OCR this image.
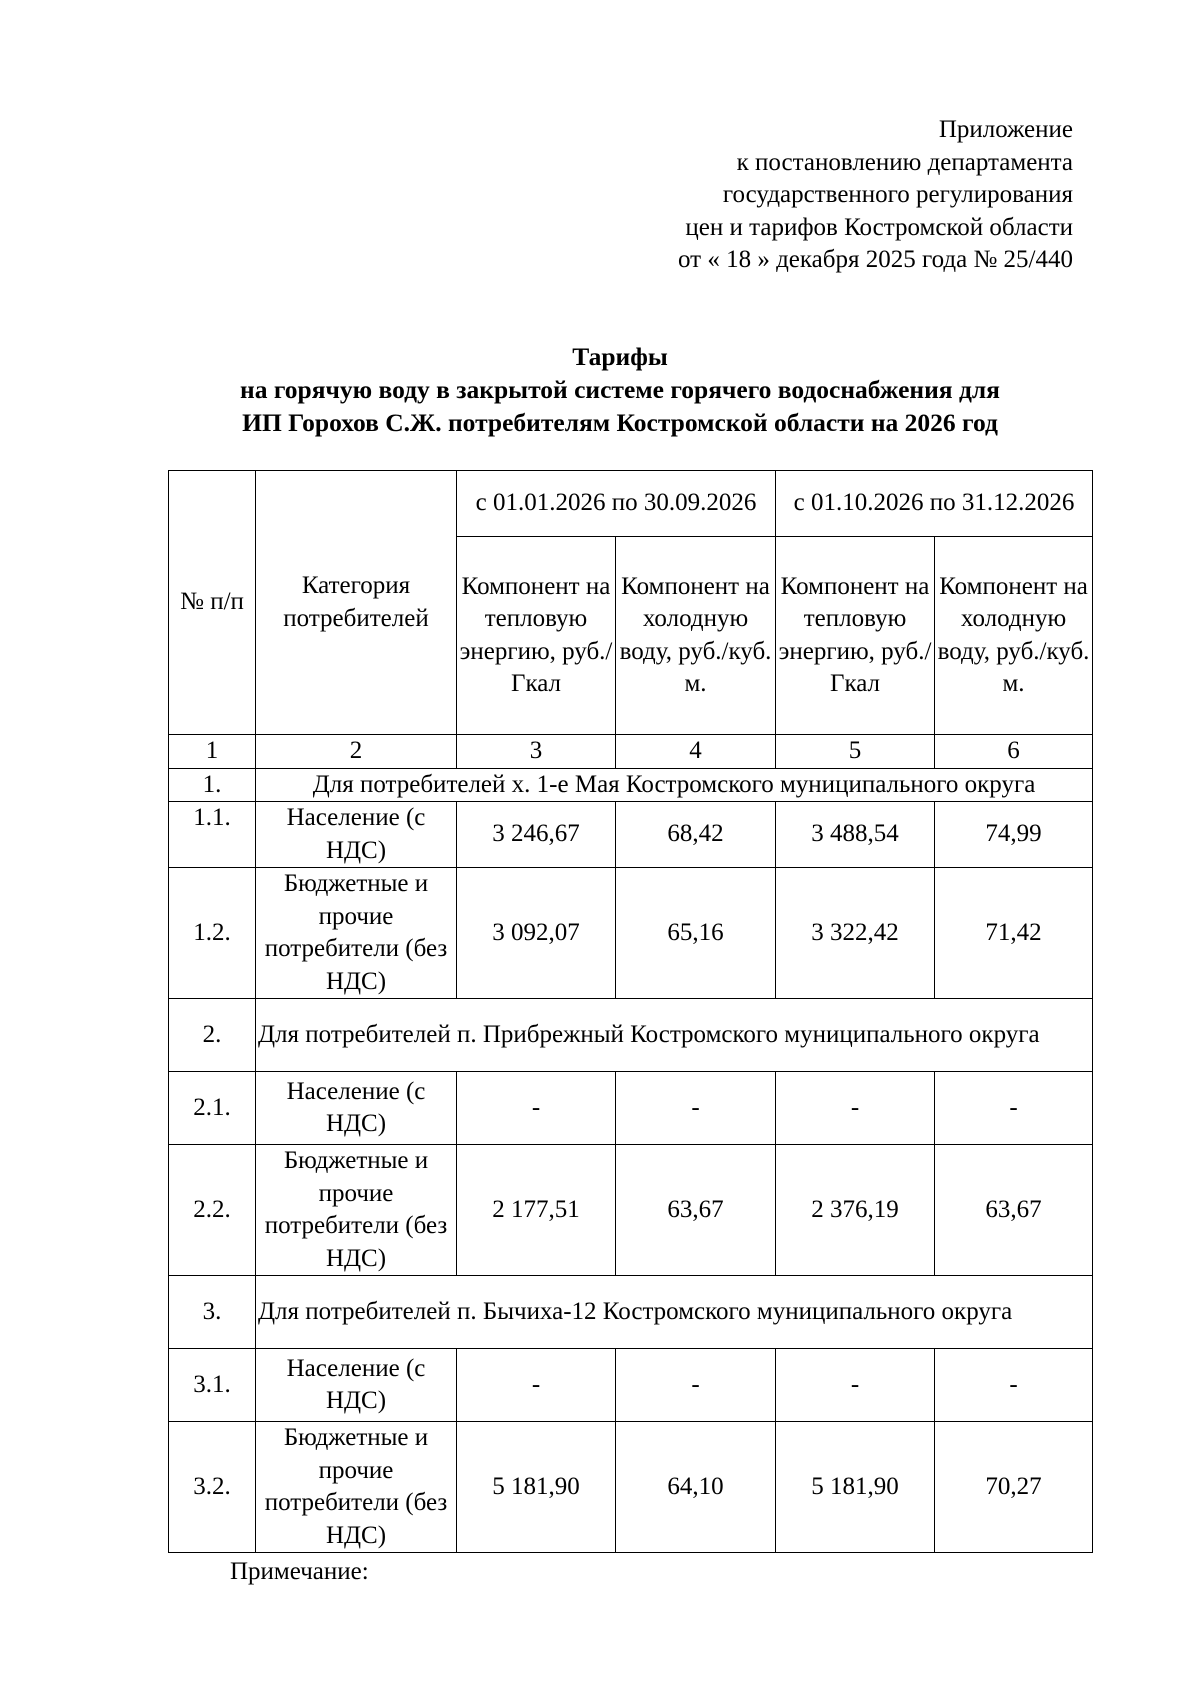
Приложение
к постановлению департамента
государственного регулирования
цен и тарифов Костромской области
от « 18 » декабря 2025 года № 25/440
Тарифы
на горячую воду в закрытой системе горячего водоснабжения для
ИП Горохов С.Ж. потребителям Костромской области на 2026 год
№ п/п	Категория потребителей	с 01.01.2026 по 30.09.2026		с 01.10.2026 по 31.12.2026	
		Компонент на тепловую энергию, руб./Гкал	Компонент на холодную воду, руб./куб. м.	Компонент на тепловую энергию, руб./Гкал	Компонент на холодную воду, руб./куб. м.
1	2	3	4	5	6
1.	Для потребителей х. 1-е Мая Костромского муниципального округа				
1.1.	Население (с НДС)	3 246,67	68,42	3 488,54	74,99
1.2.	Бюджетные и прочие потребители (без НДС)	3 092,07	65,16	3 322,42	71,42
2.	Для потребителей п. Прибрежный Костромского муниципального округа				
2.1.	Население (с НДС)	-	-	-	-
2.2.	Бюджетные и прочие потребители (без НДС)	2 177,51	63,67	2 376,19	63,67
3.	Для потребителей п. Бычиха-12 Костромского муниципального округа				
3.1.	Население (с НДС)	-	-	-	-
3.2.	Бюджетные и прочие потребители (без НДС)	5 181,90	64,10	5 181,90	70,27
Примечание:
